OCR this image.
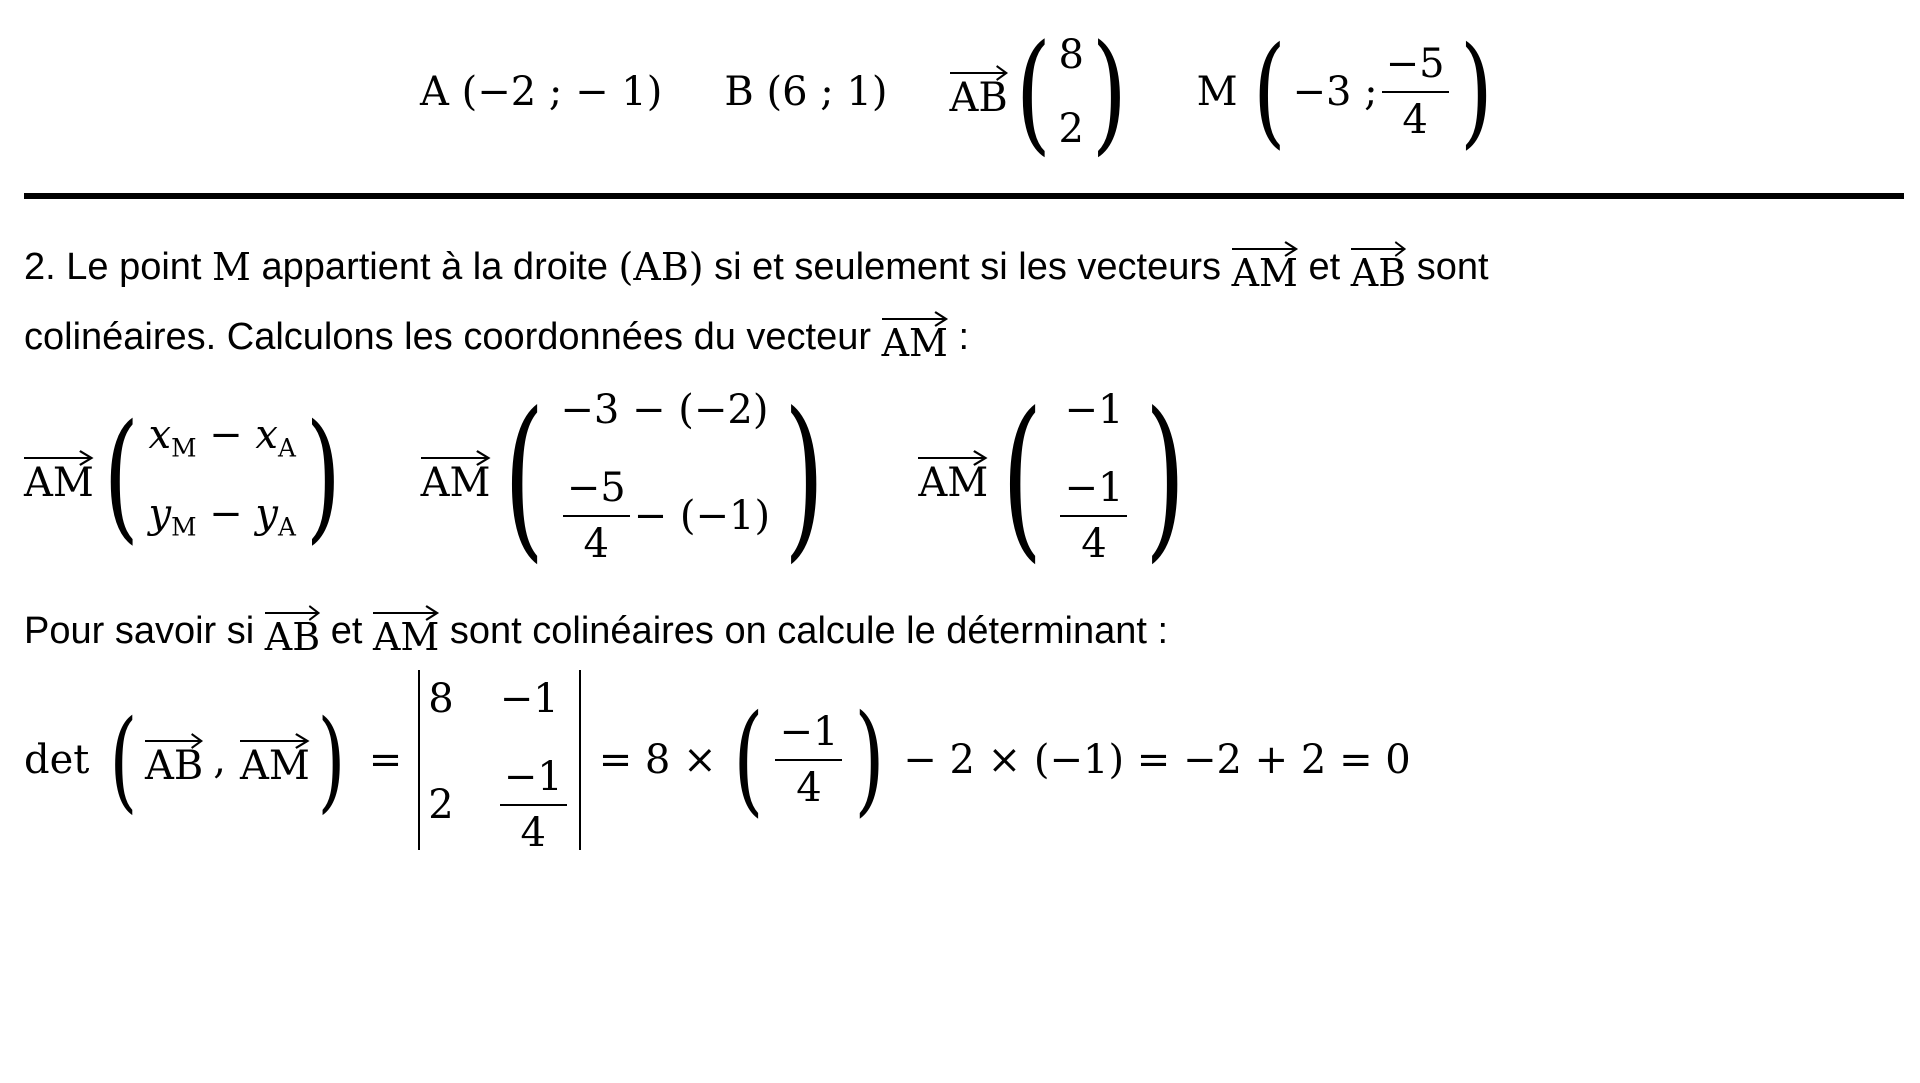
A (−2 ; − 1) B (6 ; 1) AB ( 8
2 ) M ( −3 ; $\frac{-5}{4}$ )
2. Le point
M
appartient à la droite
(AB)
si et seulement si les vecteurs
AM
et
AB
sont
colinéaires. Calculons les coordonnées du vecteur
AM
:
AM ( $x_M - x_A$
$y_M - y_A$ ) AM ( −3 − (−2)
$\frac{-5}{4} - (-1)$ ) AM ( −1
$\frac{-1}{4}$ )
Pour savoir si
AB
et
AM
sont colinéaires on calcule le déterminant :
det
( AB , AM ) =
8 −1
$2 \frac{-1}{4} = 8$ × ( $\frac{-1}{4}$ ) − 2 × (−1) = −2 + 2 = 0
